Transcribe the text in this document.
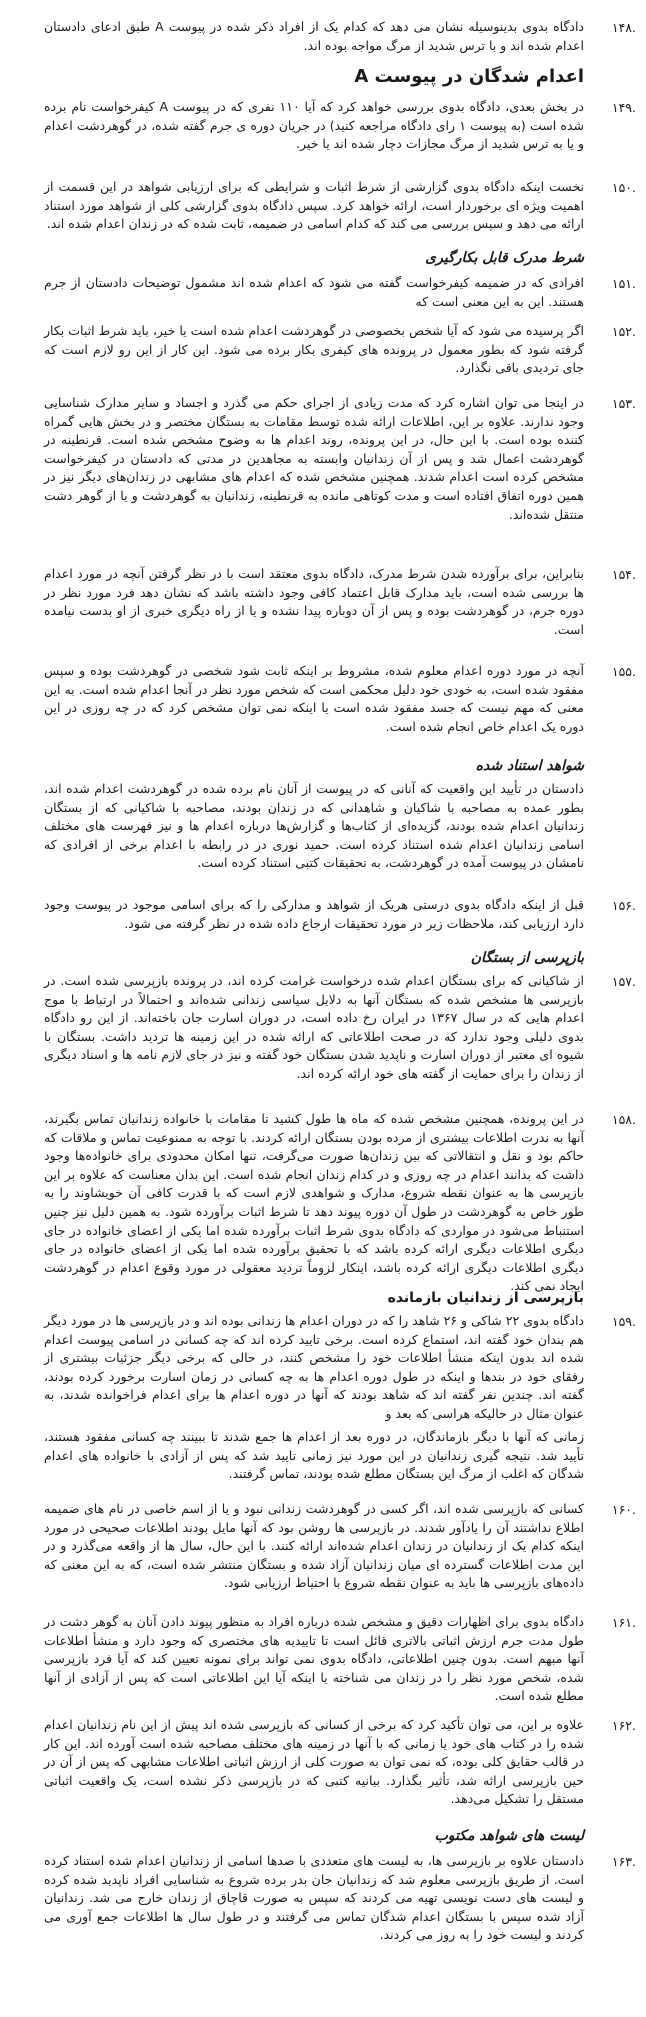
۱۴۸.

دادگاه بدوی بدینوسیله نشان می دهد که کدام یک از افراد ذکر شده در پیوست A طبق ادعای دادستان اعدام شده اند و با ترس شدید از مرگ مواجه بوده اند.

اعدام شدگان در پیوست A
۱۴۹.

در بخش بعدی، دادگاه بدوی بررسی خواهد کرد که آیا ۱۱۰ نفری که در پیوست A کیفرخواست نام برده شده است (به پیوست ۱ رای دادگاه مراجعه کنید) در جریان دوره ی جرم گفته شده، در گوهردشت اعدام و یا به ترس شدید از مرگ مجازات دچار شده اند یا خیر.

۱۵۰.

نخست اینکه دادگاه بدوی گزارشی از شرط اثبات و شرایطی که برای ارزیابی شواهد در این قسمت از اهمیت ویژه ای برخوردار است، ارائه خواهد کرد. سپس دادگاه بدوی گزارشی کلی از شواهد مورد استناد ارائه می دهد و سپس بررسی می کند که کدام اسامی در ضمیمه، ثابت شده که در زندان اعدام شده اند.

شرط مدرک قابل بکارگیری
۱۵۱.

افرادی که در ضمیمه کیفرخواست گفته می شود که اعدام شده اند مشمول توضیحات دادستان از جرم هستند. این به این معنی است که

۱۵۲.

اگر پرسیده می شود که آیا شخص بخصوصی در گوهردشت اعدام شده است یا خیر، باید شرط اثبات بکار گرفته شود که بطور معمول در پرونده های کیفری بکار برده می شود. این کار از این رو لازم است که جای تردیدی باقی نگذارد.

۱۵۳.

در اینجا می توان اشاره کرد که مدت زیادی از اجرای حکم می گذرد و اجساد و سایر مدارک شناسایی وجود ندارند. علاوه بر این، اطلاعات ارائه شده توسط مقامات به بستگان مختصر و در بخش هایی گمراه کننده بوده است. با این حال، در این پرونده، روند اعدام ها به وضوح مشخص شده است. قرنطینه در گوهردشت اعمال شد و پس از آن زندانیان وابسته به مجاهدین در مدتی که دادستان در کیفرخواست مشخص کرده است اعدام شدند. همچنین مشخص شده که اعدام های مشابهی در زندان‌های دیگر نیز در همین دوره اتفاق افتاده است و مدت کوتاهی مانده به قرنطینه، زندانیان به گوهردشت و یا از گوهر دشت منتقل شده‌اند.

۱۵۴.

بنابراین، برای برآورده شدن شرط مدرک، دادگاه بدوی معتقد است با در نظر گرفتن آنچه در مورد اعدام ها بررسی شده است، باید مدارک قابل اعتماد کافی وجود داشته باشد که نشان دهد فرد مورد نظر در دوره جرم، در گوهردشت بوده و پس از آن دوباره پیدا نشده و یا از راه دیگری خبری از او بدست نیامده است.

۱۵۵.

آنچه در مورد دوره اعدام معلوم شده، مشروط بر اینکه ثابت شود شخصی در گوهردشت بوده و سپس مفقود شده است، به خودی خود دلیل محکمی است که شخص مورد نظر در آنجا اعدام شده است. به این معنی که مهم نیست که جسد مفقود شده است یا اینکه نمی توان مشخص کرد که در چه روزی در این دوره یک اعدام خاص انجام شده است.

شواهد استناد شده

دادستان در تأیید این واقعیت که آنانی که در پیوست از آنان نام برده شده در گوهردشت اعدام شده اند، بطور عمده به مصاحبه با شاکیان و شاهدانی که در زندان بودند، مصاحبه با شاکیانی که از بستگان زندانیان اعدام شده بودند، گزیده‌ای از کتاب‌ها و گزارش‌ها درباره اعدام ها و نیز فهرست های مختلف اسامی زندانیان اعدام شده استناد کرده است. حمید نوری در در رابطه با اعدام برخی از افرادی که نامشان در پیوست آمده در گوهردشت، به تحقیقات کتبی استناد کرده است.

۱۵۶.

قبل از اینکه دادگاه بدوی درستی هریک از شواهد و مدارکی را که برای اسامی موجود در پیوست وجود دارد ارزیابی کند، ملاحظات زیر در مورد تحقیقات ارجاع داده شده در نظر گرفته می شود.

بازپرسی از بستگان
۱۵۷.

از شاکیانی که برای بستگان اعدام شده درخواست غرامت کرده اند، در پرونده بازپرسی شده است. در بازپرسی ها مشخص شده که بستگان آنها به دلایل سیاسی زندانی شده‌اند و احتمالاً در ارتباط با موج اعدام هایی که در سال ۱۳۶۷ در ایران رخ داده است، در دوران اسارت جان باخته‌اند. از این رو دادگاه بدوی دلیلی وجود ندارد که در صحت اطلاعاتی که ارائه شده در این زمینه ها تردید داشت. بستگان با شیوه ای معتبر از دوران اسارت و ناپدید شدن بستگان خود گفته و نیز در جای لازم نامه ها و اسناد دیگری از زندان را برای حمایت از گفته های خود ارائه کرده اند.

۱۵۸.

در این پرونده، همچنین مشخص شده که ماه ها طول کشید تا مقامات با خانواده زندانیان تماس بگیرند، آنها به ندرت اطلاعات بیشتری از مرده بودن بستگان ارائه کردند. با توجه به ممنوعیت تماس و ملاقات که حاکم بود و نقل و انتقالاتی که بین زندان‌ها صورت می‌گرفت، تنها امکان محدودی برای خانواده‌ها وجود داشت که بدانند اعدام در چه روزی و در کدام زندان انجام شده است. این بدان معناست که علاوه بر این بازپرسی ها به عنوان نقطه شروع، مدارک و شواهدی لازم است که با قدرت کافی آن خویشاوند را به طور خاص به گوهردشت در طول آن دوره پیوند دهد تا شرط اثبات برآورده شود. به همین دلیل نیز چنین استنباط می‌شود در مواردی که دادگاه بدوی شرط اثبات برآورده شده اما یکی از اعضای خانواده در جای دیگری اطلاعات دیگری ارائه کرده باشد که با تحقیق برآورده شده اما یکی از اعضای خانواده در جای دیگری اطلاعات دیگری ارائه کرده باشد، اینکار لزوماً تردید معقولی در مورد وقوع اعدام در گوهردشت ایجاد نمی کند.

بازپرسی از زندانیان بازمانده
۱۵۹.

دادگاه بدوی ۲۲ شاکی و ۲۶ شاهد را که در دوران اعدام ها زندانی بوده اند و در بازپرسی ها در مورد دیگر هم بندان خود گفته اند، استماع کرده است. برخی تایید کرده اند که چه کسانی در اسامی پیوست اعدام شده اند بدون اینکه منشأ اطلاعات خود را مشخص کنند، در حالی که برخی دیگر جزئیات بیشتری از رفقای خود در بندها و اینکه در طول دوره اعدام ها به چه کسانی در زمان اسارت برخورد کرده بودند، گفته اند. چندین نفر گفته اند که شاهد بودند که آنها در دوره اعدام ها برای اعدام فراخوانده شدند، به عنوان مثال در حالیکه هراسی که بعد و

زمانی که آنها با دیگر بازماندگان، در دوره بعد از اعدام ها جمع شدند تا ببینند چه کسانی مفقود هستند، تأیید شد. نتیجه گیری زندانیان در این مورد نیز زمانی تایید شد که پس از آزادی با خانواده های اعدام شدگان که اغلب از مرگ این بستگان مطلع شده بودند، تماس گرفتند.

۱۶۰.

کسانی که بازپرسی شده اند، اگر کسی در گوهردشت زندانی نبود و یا از اسم خاصی در نام های ضمیمه اطلاع نداشتند آن را یادآور شدند. در بازپرسی ها روشن بود که آنها مایل بودند اطلاعات صحیحی در مورد اینکه کدام یک از زندانیان در زندان اعدام شده‌اند ارائه کنند. با این حال، سال ها از واقعه می‌گذرد و در این مدت اطلاعات گسترده ای میان زندانیان آزاد شده و بستگان منتشر شده است، که به این معنی که داده‌های بازپرسی ها باید به عنوان نقطه شروع با احتیاط ارزیابی شود.

۱۶۱.

دادگاه بدوی برای اظهارات دقیق و مشخص شده درباره افراد به منظور پیوند دادن آنان به گوهر دشت در طول مدت جرم ارزش اثباتی بالاتری قائل است تا تاییدیه های مختصری که وجود دارد و منشأ اطلاعات آنها مبهم است. بدون چنین اطلاعاتی، دادگاه بدوی نمی تواند برای نمونه تعیین کند که آیا فرد بازپرسی شده، شخص مورد نظر را در زندان می شناخته یا اینکه آیا این اطلاعاتی است که پس از آزادی از آنها مطلع شده است.

۱۶۲.

علاوه بر این، می توان تأکید کرد که برخی از کسانی که بازپرسی شده اند پیش از این نام زندانیان اعدام شده را در کتاب های خود یا زمانی که با آنها در زمینه های مختلف مصاحبه شده است آورده اند. این کار در قالب حقایق کلی بوده، که نمی توان به صورت کلی از ارزش اثباتی اطلاعات مشابهی که پس از آن در حین بازپرسی ارائه شد، تأثیر بگذارد. بیانیه کتبی که در بازپرسی ذکر نشده است، یک واقعیت اثباتی مستقل را تشکیل می‌دهد.

لیست های شواهد مکتوب
۱۶۳.

دادستان علاوه بر بازپرسی ها، به لیست های متعددی با صدها اسامی از زندانیان اعدام شده استناد کرده است. از طریق بازپرسی معلوم شد که زندانیان جان بدر برده شروع به شناسایی افراد ناپدید شده کرده و لیست های دست نویسی تهیه می کردند که سپس به صورت قاچاق از زندان خارج می شد. زندانیان آزاد شده سپس با بستگان اعدام شدگان تماس می گرفتند و در طول سال ها اطلاعات جمع آوری می کردند و لیست خود را به روز می کردند.
